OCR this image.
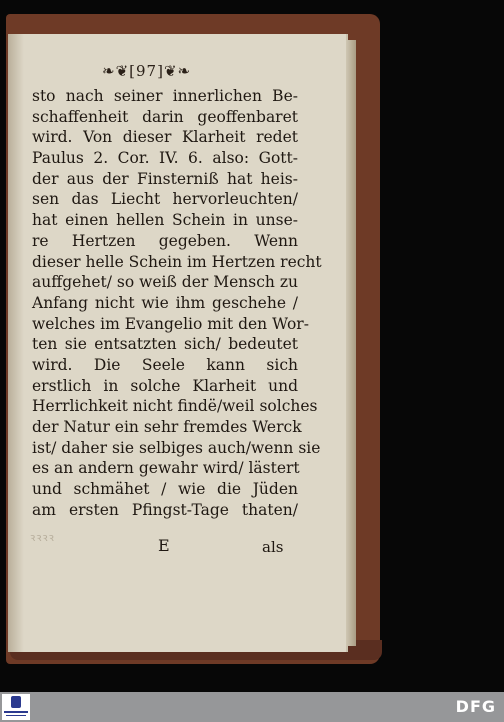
❧❦[97]❦❧
sto nach seiner innerlichen Be-
schaffenheit darin geoffenbaret
wird. Von dieser Klarheit redet
Paulus 2. Cor. IV. 6. also: Gott-
der aus der Finsterniß hat heis-
sen das Liecht hervorleuchten/
hat einen hellen Schein in unse-
re Hertzen gegeben. Wenn
dieser helle Schein im Hertzen recht
auffgehet/ so weiß der Mensch zu
Anfang nicht wie ihm geschehe /
welches im Evangelio mit den Wor-
ten sie entsatzten sich/ bedeutet
wird. Die Seele kann sich
erstlich in solche Klarheit und
Herrlichkeit nicht findë/weil solches
der Natur ein sehr fremdes Werck
ist/ daher sie selbiges auch/wenn sie
es an andern gewahr wird/ lästert
und schmähet / wie die Jüden
am ersten Pfingst-Tage thaten/
ꝛꝛꝛꝛ	E	als
DFG
